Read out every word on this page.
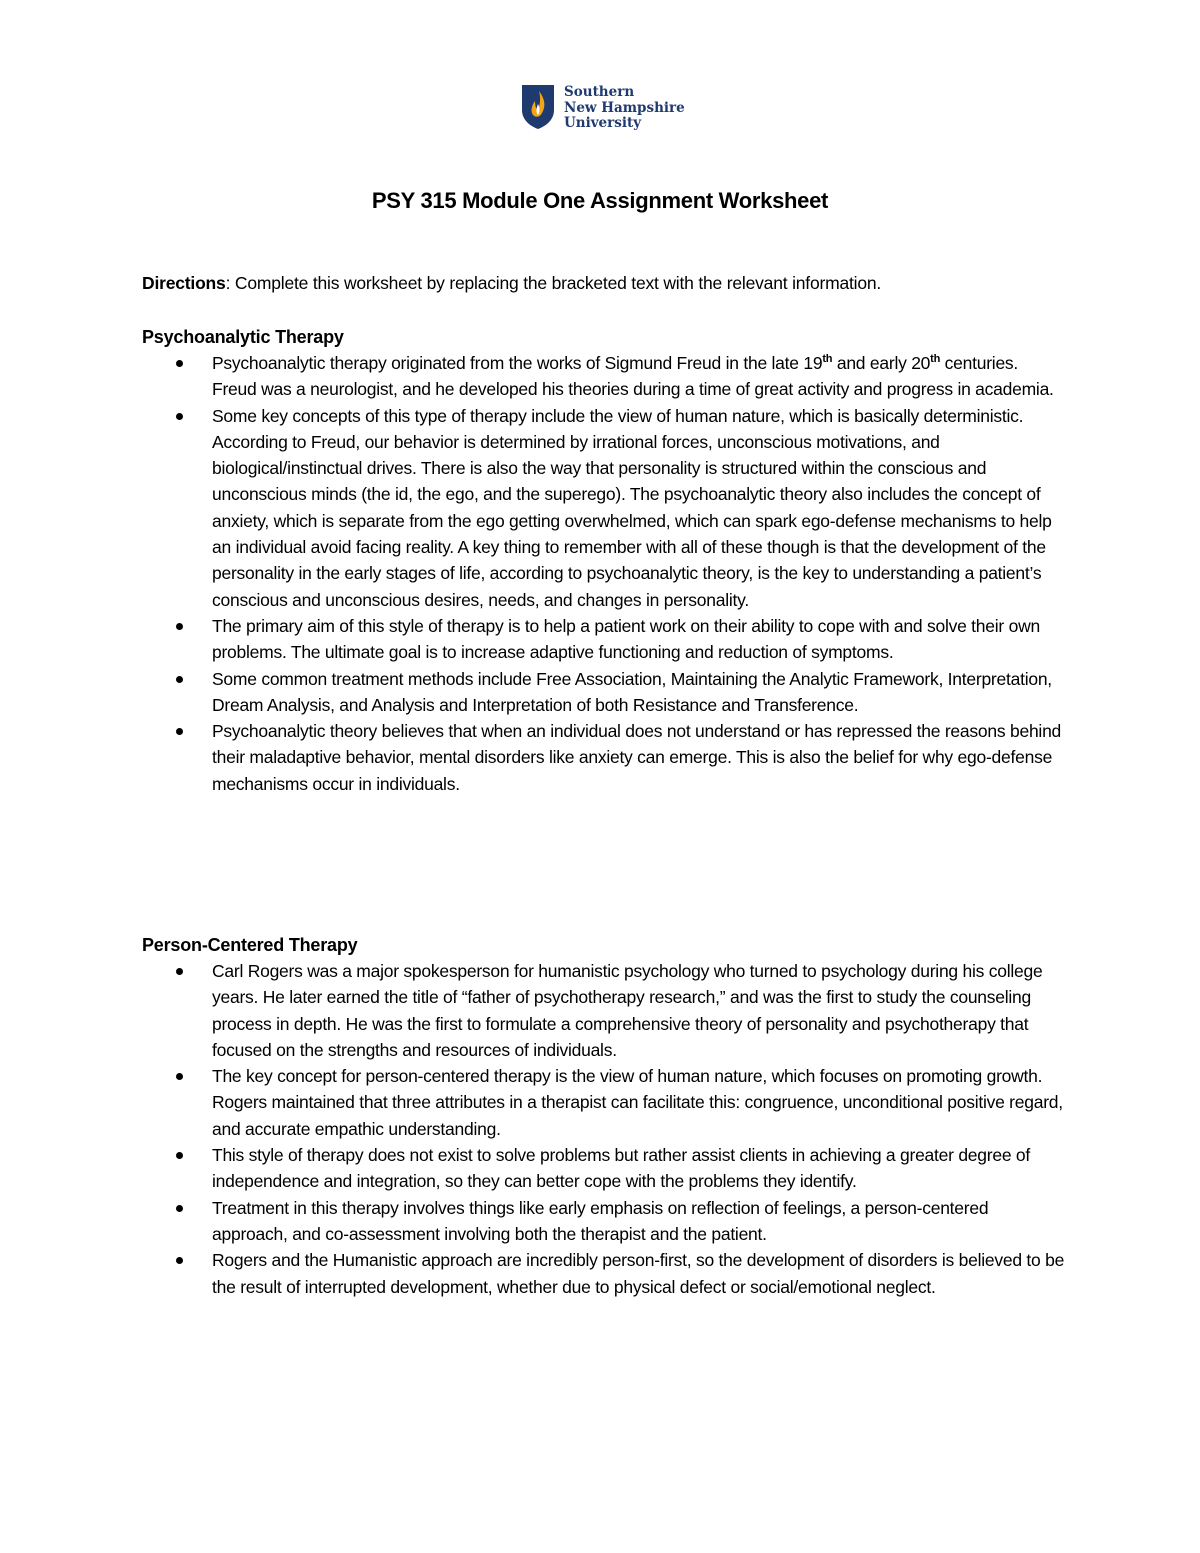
Southern
New Hampshire
University
PSY 315 Module One Assignment Worksheet
Directions: Complete this worksheet by replacing the bracketed text with the relevant information.
Psychoanalytic Therapy
Psychoanalytic therapy originated from the works of Sigmund Freud in the late 19th and early 20th centuries. Freud was a neurologist, and he developed his theories during a time of great activity and progress in academia.
Some key concepts of this type of therapy include the view of human nature, which is basically deterministic. According to Freud, our behavior is determined by irrational forces, unconscious motivations, and biological/instinctual drives. There is also the way that personality is structured within the conscious and unconscious minds (the id, the ego, and the superego). The psychoanalytic theory also includes the concept of anxiety, which is separate from the ego getting overwhelmed, which can spark ego-defense mechanisms to help an individual avoid facing reality. A key thing to remember with all of these though is that the development of the personality in the early stages of life, according to psychoanalytic theory, is the key to understanding a patient’s conscious and unconscious desires, needs, and changes in personality.
The primary aim of this style of therapy is to help a patient work on their ability to cope with and solve their own problems. The ultimate goal is to increase adaptive functioning and reduction of symptoms.
Some common treatment methods include Free Association, Maintaining the Analytic Framework, Interpretation, Dream Analysis, and Analysis and Interpretation of both Resistance and Transference.
Psychoanalytic theory believes that when an individual does not understand or has repressed the reasons behind their maladaptive behavior, mental disorders like anxiety can emerge. This is also the belief for why ego-defense mechanisms occur in individuals.
Person-Centered Therapy
Carl Rogers was a major spokesperson for humanistic psychology who turned to psychology during his college years. He later earned the title of “father of psychotherapy research,” and was the first to study the counseling process in depth. He was the first to formulate a comprehensive theory of personality and psychotherapy that focused on the strengths and resources of individuals.
The key concept for person-centered therapy is the view of human nature, which focuses on promoting growth. Rogers maintained that three attributes in a therapist can facilitate this: congruence, unconditional positive regard, and accurate empathic understanding.
This style of therapy does not exist to solve problems but rather assist clients in achieving a greater degree of independence and integration, so they can better cope with the problems they identify.
Treatment in this therapy involves things like early emphasis on reflection of feelings, a person-centered approach, and co-assessment involving both the therapist and the patient.
Rogers and the Humanistic approach are incredibly person-first, so the development of disorders is believed to be the result of interrupted development, whether due to physical defect or social/emotional neglect.
